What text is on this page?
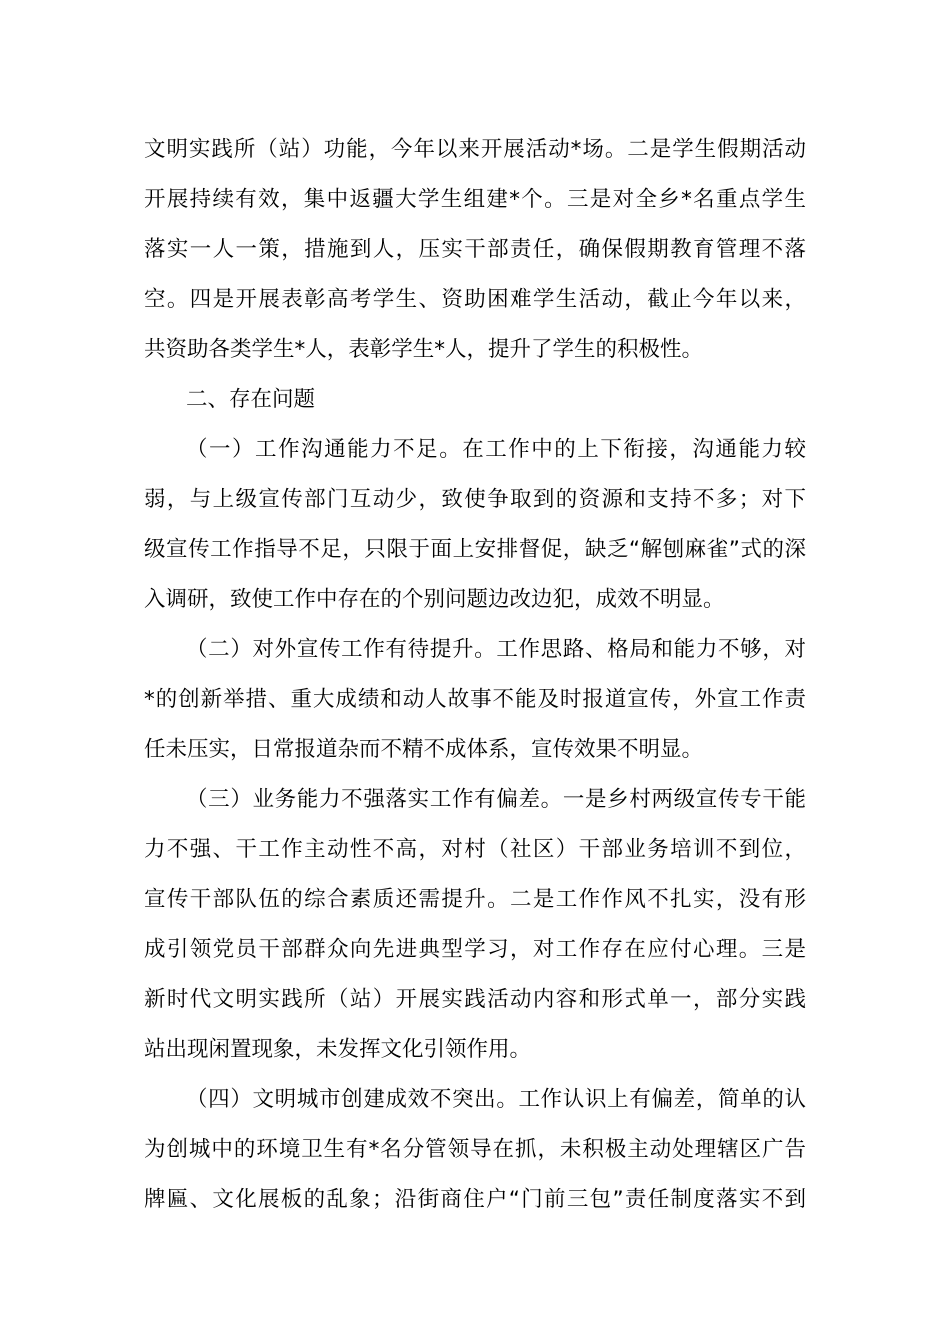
文明实践所（站）功能，今年以来开展活动*场。二是学生假期活动
开展持续有效，集中返疆大学生组建*个。三是对全乡*名重点学生
落实一人一策，措施到人，压实干部责任，确保假期教育管理不落
空。四是开展表彰高考学生、资助困难学生活动，截止今年以来，
共资助各类学生*人，表彰学生*人，提升了学生的积极性。
二、存在问题
（一）工作沟通能力不足。在工作中的上下衔接，沟通能力较
弱，与上级宣传部门互动少，致使争取到的资源和支持不多；对下
级宣传工作指导不足，只限于面上安排督促，缺乏“解刨麻雀”式的深
入调研，致使工作中存在的个别问题边改边犯，成效不明显。
（二）对外宣传工作有待提升。工作思路、格局和能力不够，对
*的创新举措、重大成绩和动人故事不能及时报道宣传，外宣工作责
任未压实，日常报道杂而不精不成体系，宣传效果不明显。
（三）业务能力不强落实工作有偏差。一是乡村两级宣传专干能
力不强、干工作主动性不高，对村（社区）干部业务培训不到位，
宣传干部队伍的综合素质还需提升。二是工作作风不扎实，没有形
成引领党员干部群众向先进典型学习，对工作存在应付心理。三是
新时代文明实践所（站）开展实践活动内容和形式单一，部分实践
站出现闲置现象，未发挥文化引领作用。
（四）文明城市创建成效不突出。工作认识上有偏差，简单的认
为创城中的环境卫生有*名分管领导在抓，未积极主动处理辖区广告
牌匾、文化展板的乱象；沿街商住户“门前三包”责任制度落实不到
